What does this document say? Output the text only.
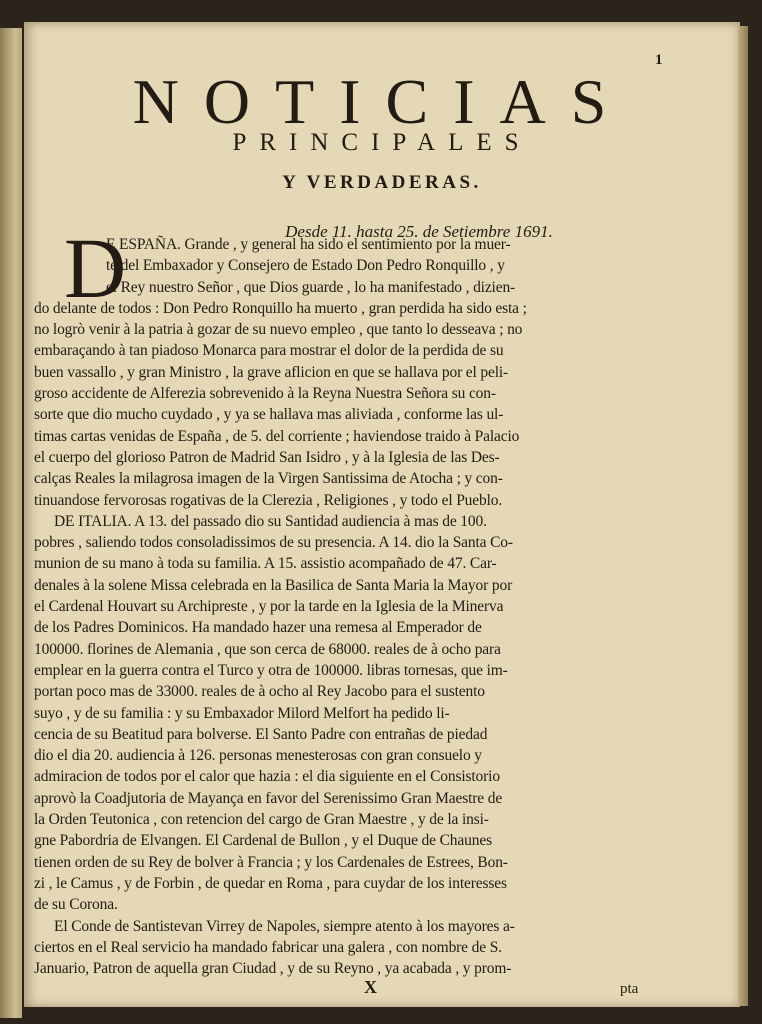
1
NOTICIAS
PRINCIPALES
Y VERDADERAS.
Desde 11. hasta 25. de Setiembre 1691.
D
E ESPAÑA. Grande , y general ha sido el sentimiento por la muer-
te del Embaxador y Consejero de Estado Don Pedro Ronquillo , y
el Rey nuestro Señor , que Dios guarde , lo ha manifestado , dizien-
do delante de todos : Don Pedro Ronquillo ha muerto , gran perdida ha sido esta ;
no logrò venir à la patria à gozar de su nuevo empleo , que tanto lo desseava ; no
embaraçando à tan piadoso Monarca para mostrar el dolor de la perdida de su
buen vassallo , y gran Ministro , la grave aflicion en que se hallava por el peli-
groso accidente de Alferezia sobrevenido à la Reyna Nuestra Señora su con-
sorte que dio mucho cuydado , y ya se hallava mas aliviada , conforme las ul-
timas cartas venidas de España , de 5. del corriente ; haviendose traido à Palacio
el cuerpo del glorioso Patron de Madrid San Isidro , y à la Iglesia de las Des-
calças Reales la milagrosa imagen de la Virgen Santissima de Atocha ; y con-
tinuandose fervorosas rogativas de la Clerezia , Religiones , y todo el Pueblo.
DE ITALIA. A 13. del passado dio su Santidad audiencia à mas de 100.
pobres , saliendo todos consoladissimos de su presencia. A 14. dio la Santa Co-
munion de su mano à toda su familia. A 15. assistio acompañado de 47. Car-
denales à la solene Missa celebrada en la Basilica de Santa Maria la Mayor por
el Cardenal Houvart su Archipreste , y por la tarde en la Iglesia de la Minerva
de los Padres Dominicos. Ha mandado hazer una remesa al Emperador de
100000. florines de Alemania , que son cerca de 68000. reales de à ocho para
emplear en la guerra contra el Turco y otra de 100000. libras tornesas, que im-
portan poco mas de 33000. reales de à ocho al Rey Jacobo para el sustento
suyo , y de su familia : y su Embaxador Milord Melfort ha pedido li-
cencia de su Beatitud para bolverse. El Santo Padre con entrañas de piedad
dio el dia 20. audiencia à 126. personas menesterosas con gran consuelo y
admiracion de todos por el calor que hazia : el dia siguiente en el Consistorio
aprovò la Coadjutoria de Mayança en favor del Serenissimo Gran Maestre de
la Orden Teutonica , con retencion del cargo de Gran Maestre , y de la insi-
gne Pabordria de Elvangen. El Cardenal de Bullon , y el Duque de Chaunes
tienen orden de su Rey de bolver à Francia ; y los Cardenales de Estrees, Bon-
zi , le Camus , y de Forbin , de quedar en Roma , para cuydar de los interesses
de su Corona.
El Conde de Santistevan Virrey de Napoles, siempre atento à los mayores a-
ciertos en el Real servicio ha mandado fabricar una galera , con nombre de S.
Januario, Patron de aquella gran Ciudad , y de su Reyno , ya acabada , y prom-
X	pta
